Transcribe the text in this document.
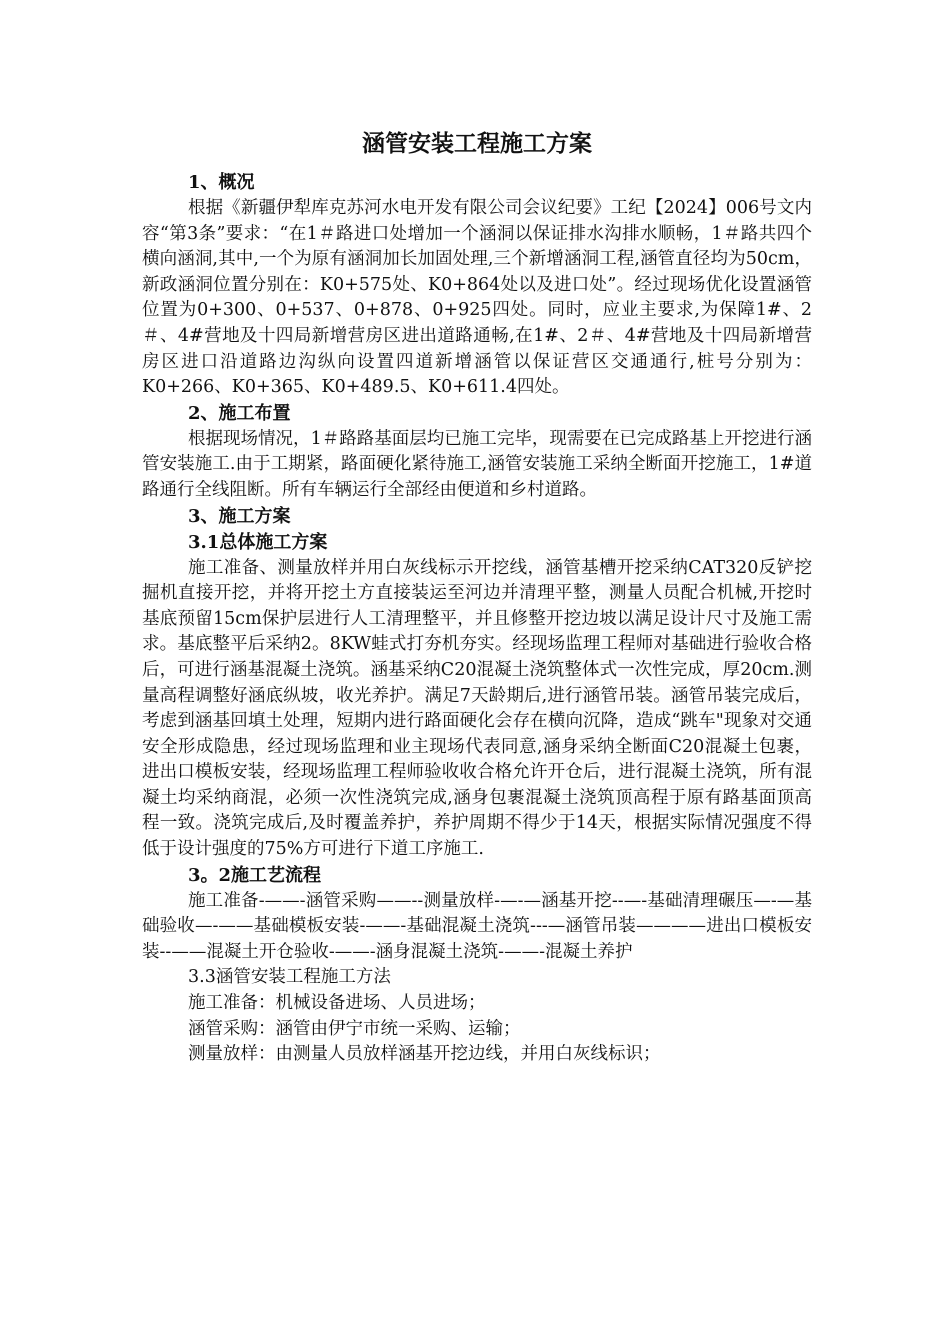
涵管安装工程施工方案

1、概况

根据《新疆伊犁库克苏河水电开发有限公司会议纪要》工纪【2024】006号文内容“第3条”要求：“在1＃路进口处增加一个涵洞以保证排水沟排水顺畅，1＃路共四个横向涵洞,其中,一个为原有涵洞加长加固处理,三个新增涵洞工程,涵管直径均为50cm，新政涵洞位置分别在：K0+575处、K0+864处以及进口处”。经过现场优化设置涵管位置为0+300、0+537、0+878、0+925四处。同时，应业主要求,为保障1#、2＃、4#营地及十四局新增营房区进出道路通畅,在1#、2＃、4#营地及十四局新增营房区进口沿道路边沟纵向设置四道新增涵管以保证营区交通通行,桩号分别为：K0+266、K0+365、K0+489.5、K0+611.4四处。

2、施工布置

根据现场情况，1＃路路基面层均已施工完毕，现需要在已完成路基上开挖进行涵管安装施工.由于工期紧，路面硬化紧待施工,涵管安装施工采纳全断面开挖施工，1#道路通行全线阻断。所有车辆运行全部经由便道和乡村道路。

3、施工方案

3.1总体施工方案

施工准备、测量放样并用白灰线标示开挖线，涵管基槽开挖采纳CAT320反铲挖掘机直接开挖，并将开挖土方直接装运至河边并清理平整，测量人员配合机械,开挖时基底预留15cm保护层进行人工清理整平，并且修整开挖边坡以满足设计尺寸及施工需求。基底整平后采纳2。8KW蛙式打夯机夯实。经现场监理工程师对基础进行验收合格后，可进行涵基混凝土浇筑。涵基采纳C20混凝土浇筑整体式一次性完成，厚20cm.测量高程调整好涵底纵坡，收光养护。满足7天龄期后,进行涵管吊装。涵管吊装完成后，考虑到涵基回填土处理，短期内进行路面硬化会存在横向沉降，造成“跳车"现象对交通安全形成隐患，经过现场监理和业主现场代表同意,涵身采纳全断面C20混凝土包裹，进出口模板安装，经现场监理工程师验收收合格允许开仓后，进行混凝土浇筑，所有混凝土均采纳商混，必须一次性浇筑完成,涵身包裹混凝土浇筑顶高程于原有路基面顶高程一致。浇筑完成后,及时覆盖养护，养护周期不得少于14天，根据实际情况强度不得低于设计强度的75%方可进行下道工序施工.

3。2施工艺流程

施工准备-——-涵管采购——--测量放样-—-—涵基开挖--—-基础清理碾压—-—基础验收—-——基础模板安装-——-基础混凝土浇筑---—涵管吊装————进出口模板安装--——混凝土开仓验收-——-涵身混凝土浇筑-——-混凝土养护

3.3涵管安装工程施工方法

施工准备：机械设备进场、人员进场；

涵管采购：涵管由伊宁市统一采购、运输；

测量放样：由测量人员放样涵基开挖边线，并用白灰线标识；
